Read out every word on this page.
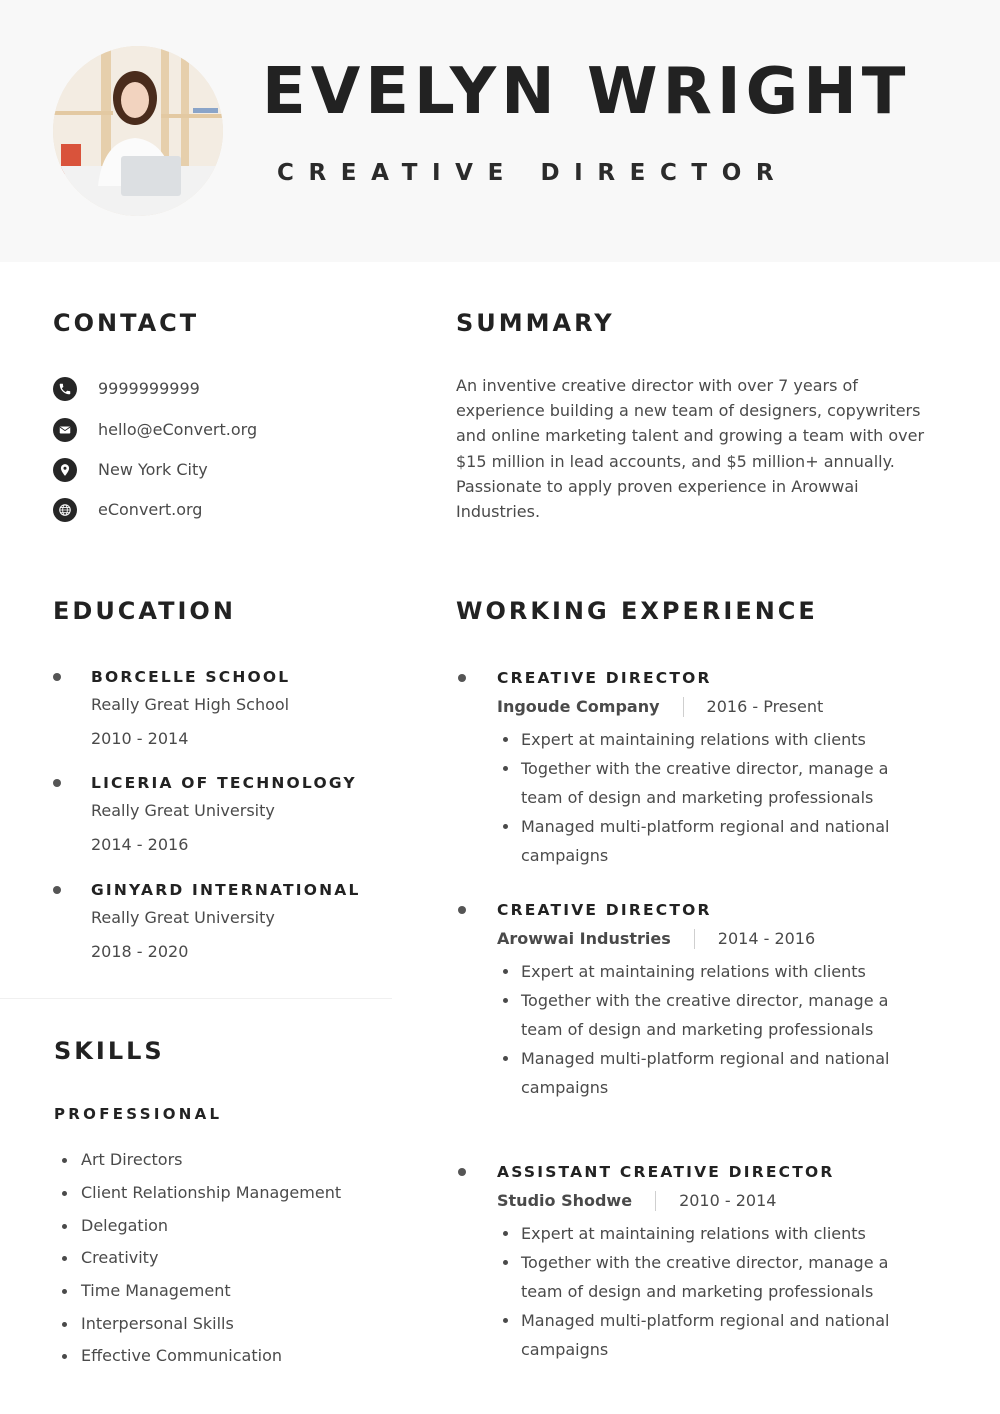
EVELYN WRIGHT
CREATIVE DIRECTOR
CONTACT
9999999999
hello@eConvert.org
New York City
eConvert.org
SUMMARY

An inventive creative director with over 7 years of experience building a new team of designers, copywriters and online marketing talent and growing a team with over $15 million in lead accounts, and $5 million+ annually. Passionate to apply proven experience in Arowwai Industries.

EDUCATION
BORCELLE SCHOOL
Really Great High School
2010 - 2014
LICERIA OF TECHNOLOGY
Really Great University
2014 - 2016
GINYARD INTERNATIONAL
Really Great University
2018 - 2020
SKILLS
PROFESSIONAL
Art Directors
Client Relationship Management
Delegation
Creativity
Time Management
Interpersonal Skills
Effective Communication
WORKING EXPERIENCE
CREATIVE DIRECTOR
Ingoude Company	2016 - Present
Expert at maintaining relations with clients
Together with the creative director, manage a team of design and marketing professionals
Managed multi-platform regional and national campaigns
CREATIVE DIRECTOR
Arowwai Industries	2014 - 2016
Expert at maintaining relations with clients
Together with the creative director, manage a team of design and marketing professionals
Managed multi-platform regional and national campaigns
ASSISTANT CREATIVE DIRECTOR
Studio Shodwe	2010 - 2014
Expert at maintaining relations with clients
Together with the creative director, manage a team of design and marketing professionals
Managed multi-platform regional and national campaigns
